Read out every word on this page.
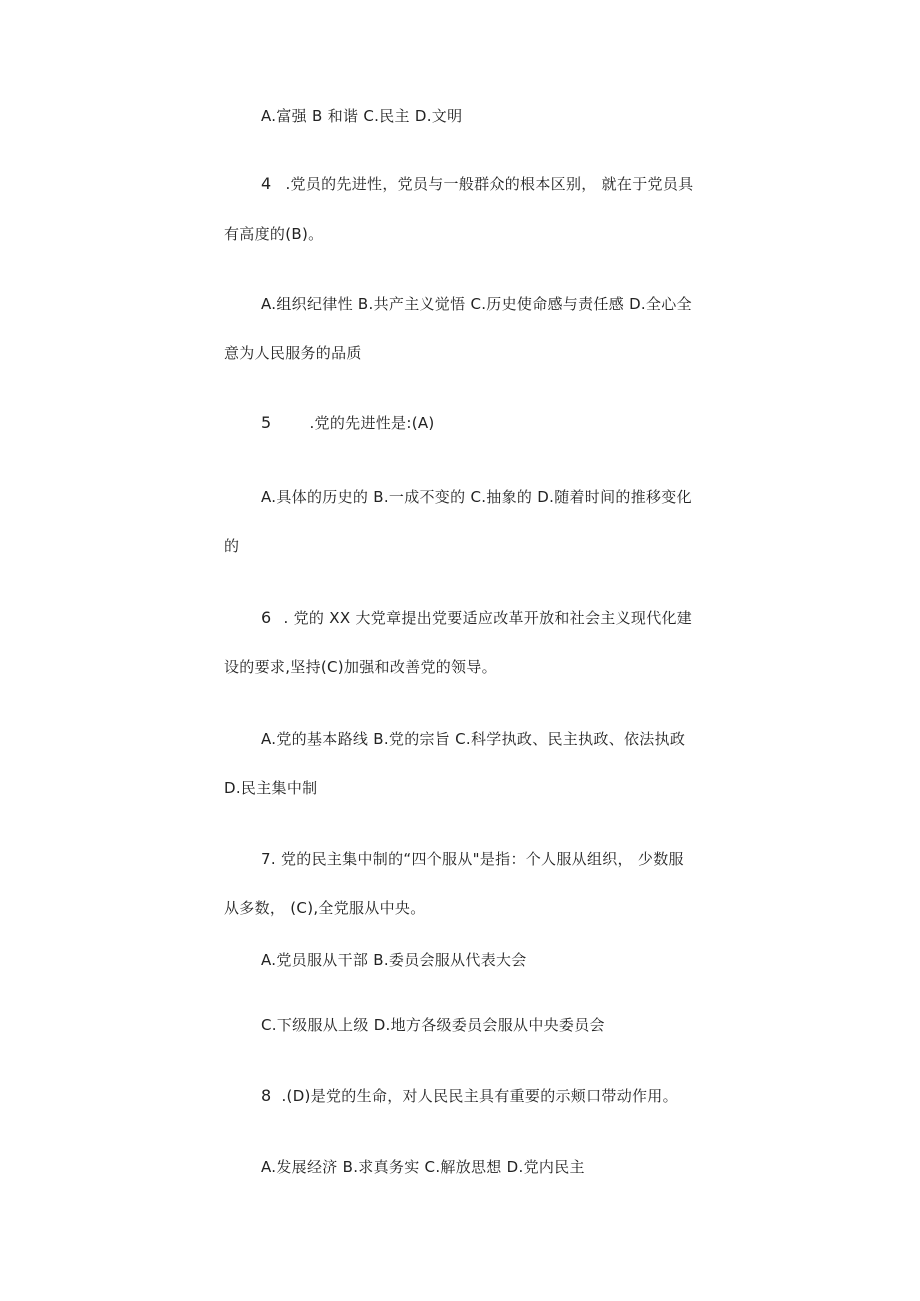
A.富强 B 和谐 C.民主 D.文明
4 .党员的先进性，党员与一般群众的根本区别， 就在于党员具
有高度的(B)。
A.组织纪律性 B.共产主义觉悟 C.历史使命感与责任感 D.全心全
意为人民服务的品质
5	.党的先进性是:(A)
A.具体的历史的 B.一成不变的 C.抽象的 D.随着时间的推移变化
的
6 . 党的 XX 大党章提出党要适应改革开放和社会主义现代化建
设的要求,坚持(C)加强和改善党的领导。
A.党的基本路线 B.党的宗旨 C.科学执政、民主执政、依法执政
D.民主集中制
7. 党的民主集中制的“四个服从"是指：个人服从组织， 少数服
从多数， (C),全党服从中央。
A.党员服从干部 B.委员会服从代表大会
C.下级服从上级 D.地方各级委员会服从中央委员会
8 .(D)是党的生命，对人民民主具有重要的示颊口带动作用。
A.发展经济 B.求真务实 C.解放思想 D.党内民主
